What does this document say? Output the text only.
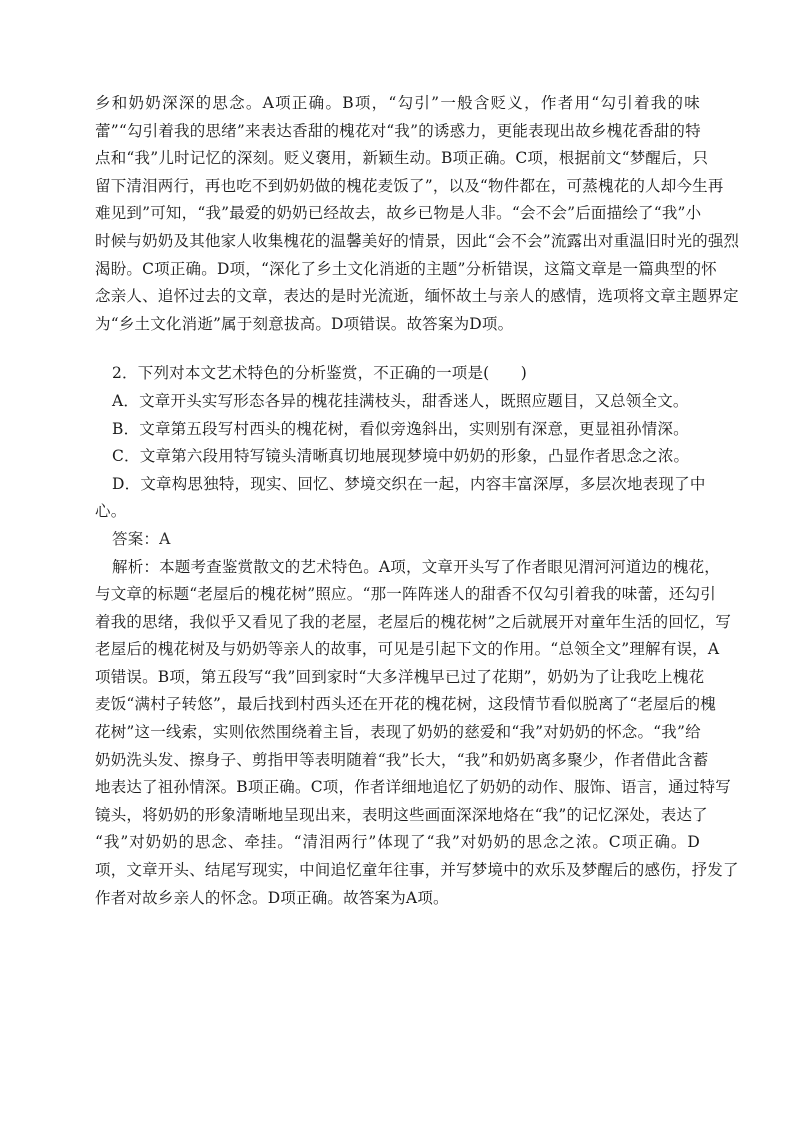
乡和奶奶深深的思念。A项正确。B项，“勾引”一般含贬义，作者用“勾引着我的味
蕾”“勾引着我的思绪”来表达香甜的槐花对“我”的诱惑力，更能表现出故乡槐花香甜的特
点和“我”儿时记忆的深刻。贬义褒用，新颖生动。B项正确。C项，根据前文“梦醒后，只
留下清泪两行，再也吃不到奶奶做的槐花麦饭了”，以及“物件都在，可蒸槐花的人却今生再
难见到”可知，“我”最爱的奶奶已经故去，故乡已物是人非。“会不会”后面描绘了“我”小
时候与奶奶及其他家人收集槐花的温馨美好的情景，因此“会不会”流露出对重温旧时光的强烈
渴盼。C项正确。D项，“深化了乡土文化消逝的主题”分析错误，这篇文章是一篇典型的怀
念亲人、追怀过去的文章，表达的是时光流逝，缅怀故土与亲人的感情，选项将文章主题界定
为“乡土文化消逝”属于刻意拔高。D项错误。故答案为D项。
2．下列对本文艺术特色的分析鉴赏，不正确的一项是(　　)
A．文章开头实写形态各异的槐花挂满枝头，甜香迷人，既照应题目，又总领全文。
B．文章第五段写村西头的槐花树，看似旁逸斜出，实则别有深意，更显祖孙情深。
C．文章第六段用特写镜头清晰真切地展现梦境中奶奶的形象，凸显作者思念之浓。
D．文章构思独特，现实、回忆、梦境交织在一起，内容丰富深厚，多层次地表现了中
心。
答案：A
解析：本题考查鉴赏散文的艺术特色。A项，文章开头写了作者眼见渭河河道边的槐花，
与文章的标题“老屋后的槐花树”照应。“那一阵阵迷人的甜香不仅勾引着我的味蕾，还勾引
着我的思绪，我似乎又看见了我的老屋，老屋后的槐花树”之后就展开对童年生活的回忆，写
老屋后的槐花树及与奶奶等亲人的故事，可见是引起下文的作用。“总领全文”理解有误，A
项错误。B项，第五段写“我”回到家时“大多洋槐早已过了花期”，奶奶为了让我吃上槐花
麦饭“满村子转悠”，最后找到村西头还在开花的槐花树，这段情节看似脱离了“老屋后的槐
花树”这一线索，实则依然围绕着主旨，表现了奶奶的慈爱和“我”对奶奶的怀念。“我”给
奶奶洗头发、擦身子、剪指甲等表明随着“我”长大，“我”和奶奶离多聚少，作者借此含蓄
地表达了祖孙情深。B项正确。C项，作者详细地追忆了奶奶的动作、服饰、语言，通过特写
镜头，将奶奶的形象清晰地呈现出来，表明这些画面深深地烙在“我”的记忆深处，表达了
“我”对奶奶的思念、牵挂。“清泪两行”体现了“我”对奶奶的思念之浓。C项正确。D
项，文章开头、结尾写现实，中间追忆童年往事，并写梦境中的欢乐及梦醒后的感伤，抒发了
作者对故乡亲人的怀念。D项正确。故答案为A项。
